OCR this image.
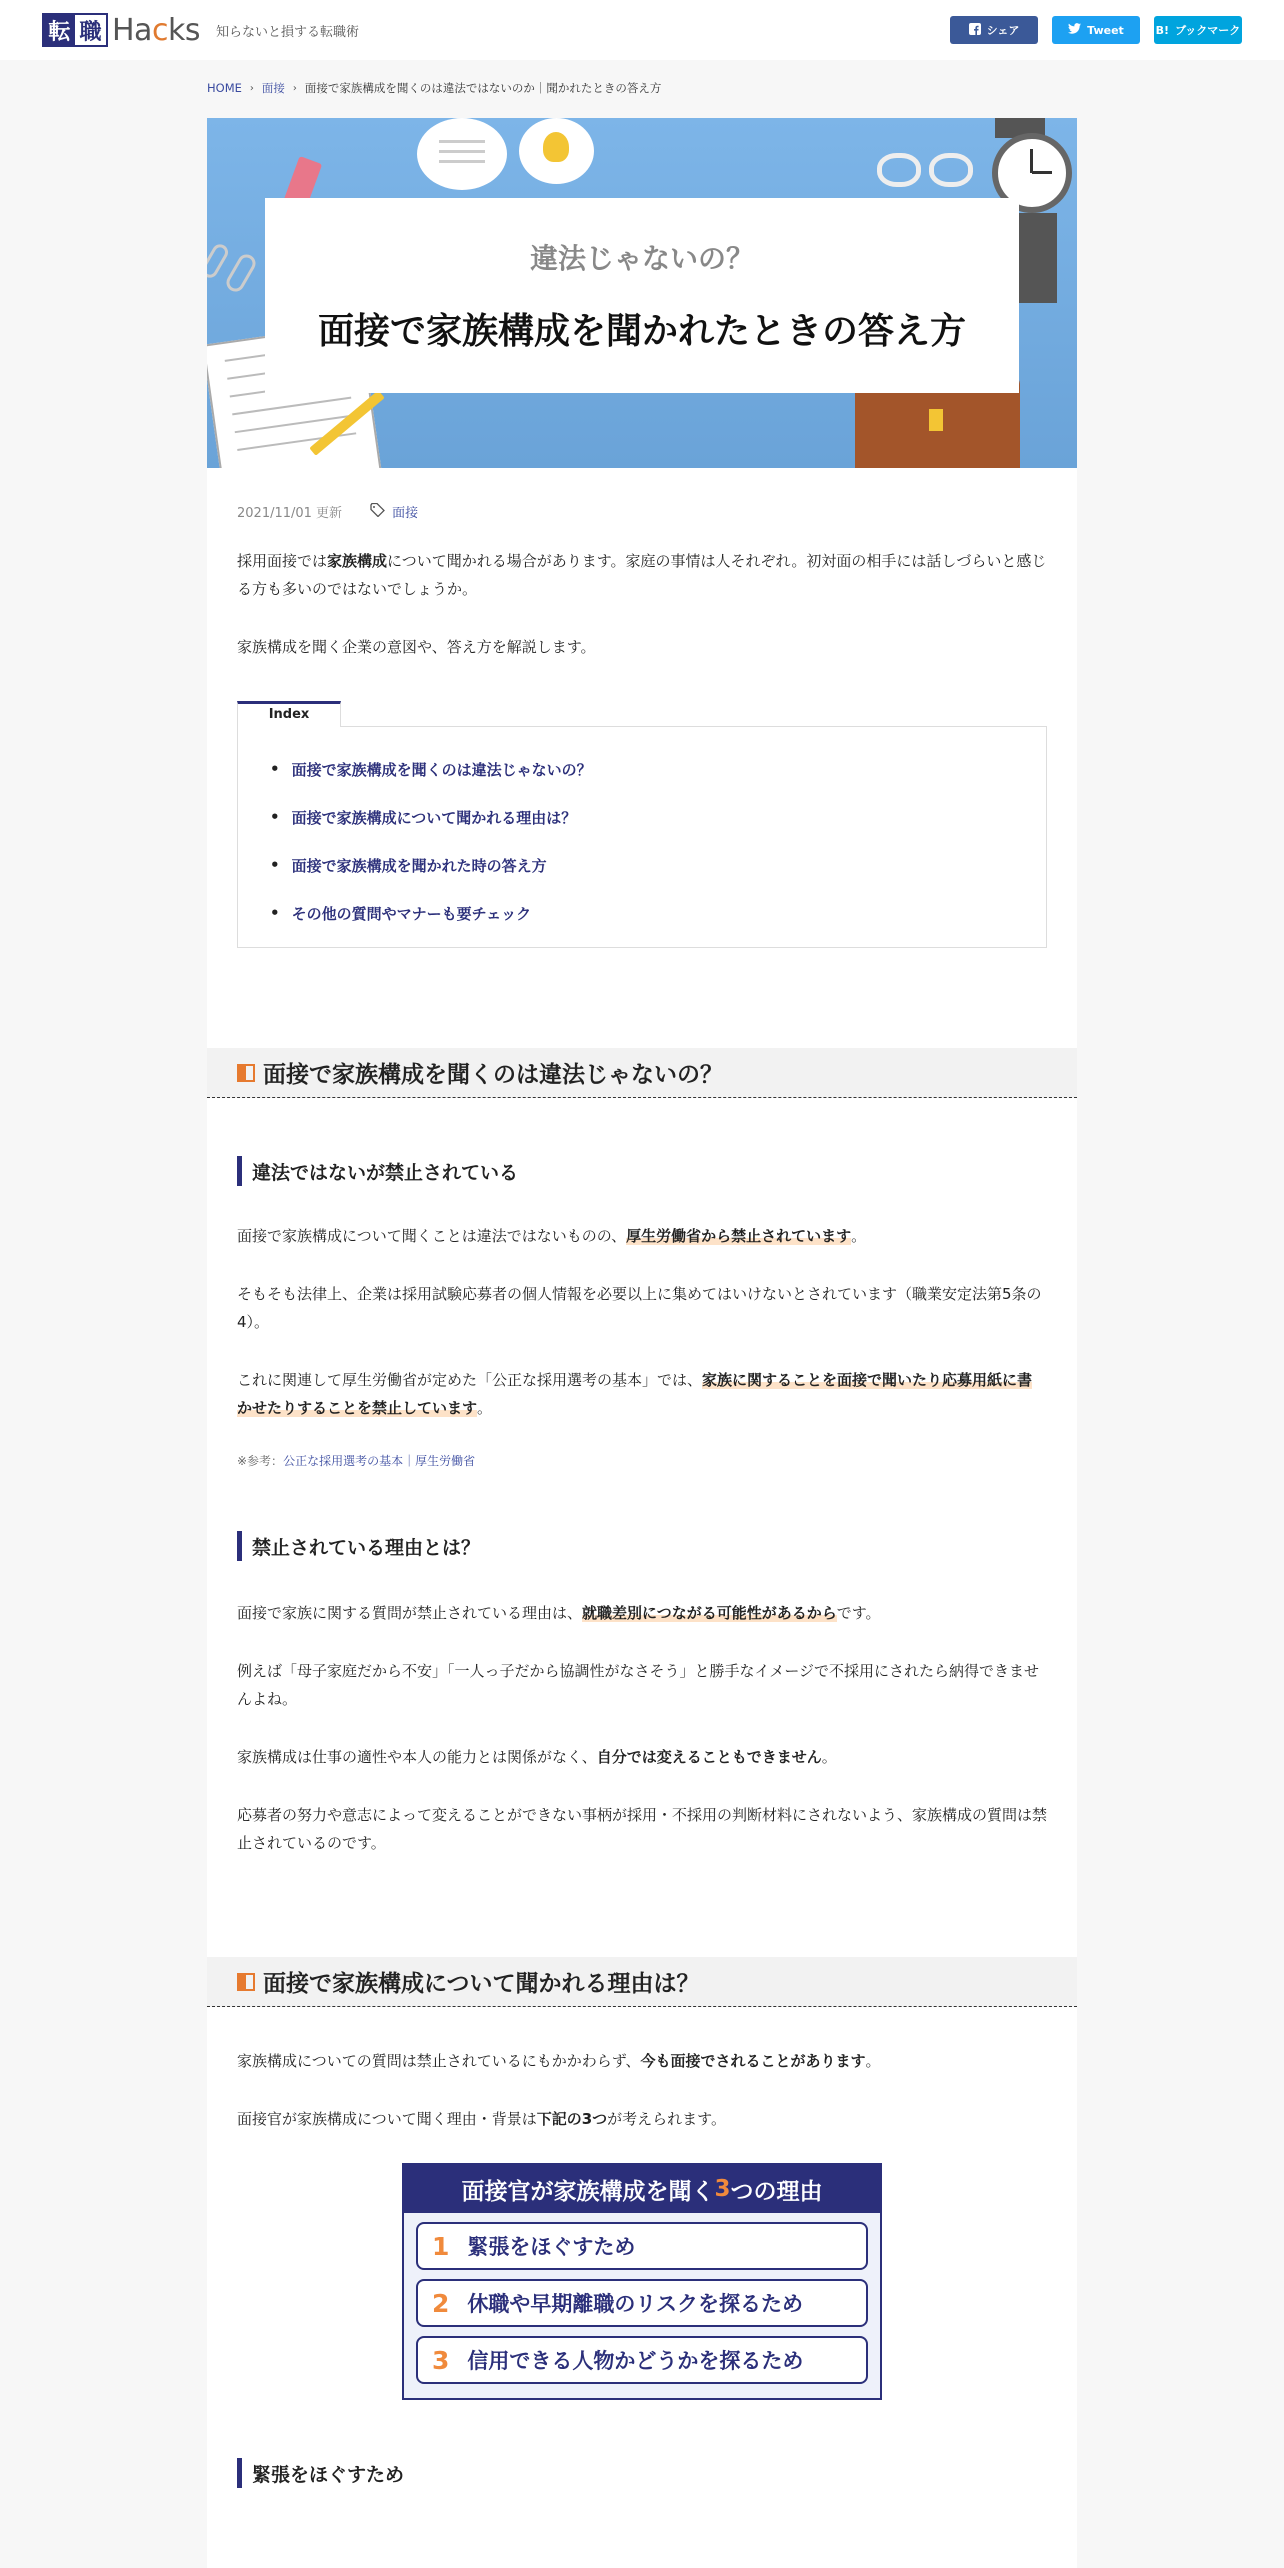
転 職 Hacks 知らないと損する転職術	シェア	Tweet	B! ブックマーク
HOME › 面接 › 面接で家族構成を聞くのは違法ではないのか｜聞かれたときの答え方
違法じゃないの？
面接で家族構成を聞かれたときの答え方
2021/11/01 更新	面接

採用面接では家族構成について聞かれる場合があります。家庭の事情は人それぞれ。初対面の相手には話しづらいと感じる方も多いのではないでしょうか。

家族構成を聞く企業の意図や、答え方を解説します。

Index
• 面接で家族構成を聞くのは違法じゃないの？
• 面接で家族構成について聞かれる理由は？
• 面接で家族構成を聞かれた時の答え方
• その他の質問やマナーも要チェック
面接で家族構成を聞くのは違法じゃないの？
違法ではないが禁止されている

面接で家族構成について聞くことは違法ではないものの、厚生労働省から禁止されています。

そもそも法律上、企業は採用試験応募者の個人情報を必要以上に集めてはいけないとされています（職業安定法第5条の4）。

これに関連して厚生労働省が定めた「公正な採用選考の基本」では、家族に関することを面接で聞いたり応募用紙に書かせたりすることを禁止しています。

※参考：公正な採用選考の基本｜厚生労働省

禁止されている理由とは？

面接で家族に関する質問が禁止されている理由は、就職差別につながる可能性があるからです。

例えば「母子家庭だから不安」「一人っ子だから協調性がなさそう」と勝手なイメージで不採用にされたら納得できませんよね。

家族構成は仕事の適性や本人の能力とは関係がなく、自分では変えることもできません。

応募者の努力や意志によって変えることができない事柄が採用・不採用の判断材料にされないよう、家族構成の質問は禁止されているのです。

面接で家族構成について聞かれる理由は？

家族構成についての質問は禁止されているにもかかわらず、今も面接でされることがあります。

面接官が家族構成について聞く理由・背景は下記の3つが考えられます。

面接官が家族構成を聞く 3 つの理由
1 緊張をほぐすため
2 休職や早期離職のリスクを探るため
3 信用できる人物かどうかを探るため
緊張をほぐすため
